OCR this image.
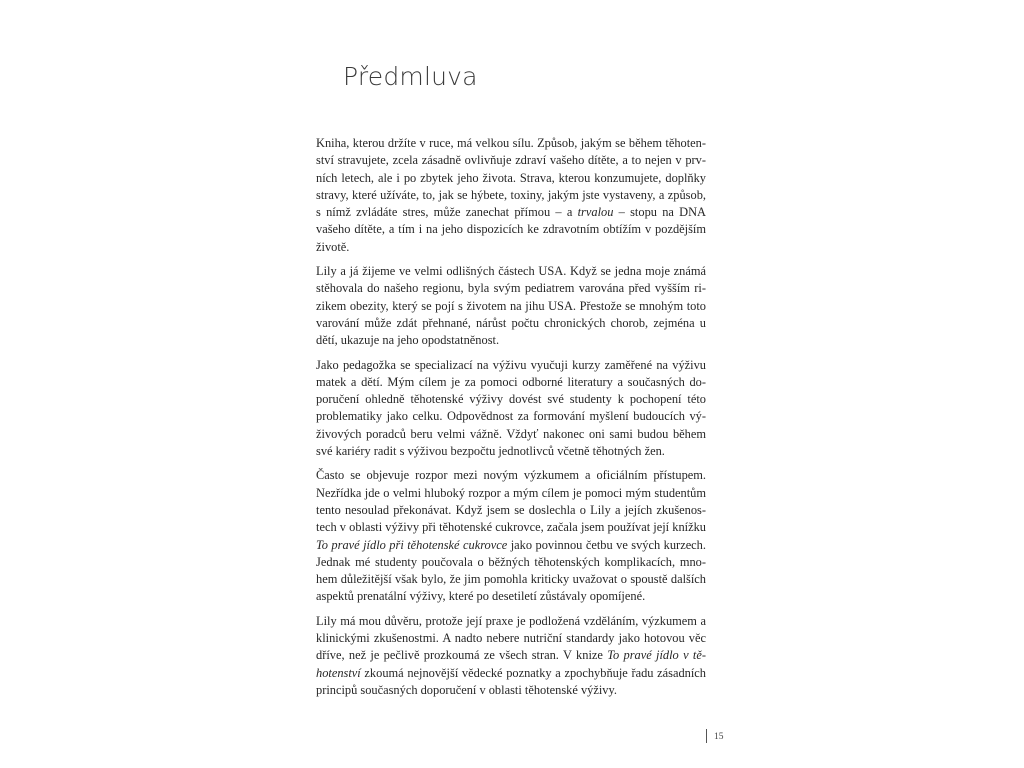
Předmluva

Kniha, kterou držíte v ruce, má velkou sílu. Způsob, jakým se během těhotenství stravujete, zcela zásadně ovlivňuje zdraví vašeho dítěte, a to nejen v prvních letech, ale i po zbytek jeho života. Strava, kterou konzumujete, doplňky stravy, které užíváte, to, jak se hýbete, toxiny, jakým jste vystaveny, a způsob, s nímž zvládáte stres, může zanechat přímou – a trvalou – stopu na DNA vašeho dítěte, a tím i na jeho dispozicích ke zdravotním obtížím v pozdějším životě.

Lily a já žijeme ve velmi odlišných částech USA. Když se jedna moje známá stěhovala do našeho regionu, byla svým pediatrem varována před vyšším rizikem obezity, který se pojí s životem na jihu USA. Přestože se mnohým toto varování může zdát přehnané, nárůst počtu chronických chorob, zejména u dětí, ukazuje na jeho opodstatněnost.

Jako pedagožka se specializací na výživu vyučuji kurzy zaměřené na výživu matek a dětí. Mým cílem je za pomoci odborné literatury a současných doporučení ohledně těhotenské výživy dovést své studenty k pochopení této problematiky jako celku. Odpovědnost za formování myšlení budoucích výživových poradců beru velmi vážně. Vždyť nakonec oni sami budou během své kariéry radit s výživou bezpočtu jednotlivců včetně těhotných žen.

Často se objevuje rozpor mezi novým výzkumem a oficiálním přístupem. Nezřídka jde o velmi hluboký rozpor a mým cílem je pomoci mým studentům tento nesoulad překonávat. Když jsem se doslechla o Lily a jejích zkušenostech v oblasti výživy při těhotenské cukrovce, začala jsem používat její knížku To pravé jídlo při těhotenské cukrovce jako povinnou četbu ve svých kurzech. Jednak mé studenty poučovala o běžných těhotenských komplikacích, mnohem důležitější však bylo, že jim pomohla kriticky uvažovat o spoustě dalších aspektů prenatální výživy, které po desetiletí zůstávaly opomíjené.

Lily má mou důvěru, protože její praxe je podložená vzděláním, výzkumem a klinickými zkušenostmi. A nadto nebere nutriční standardy jako hotovou věc dříve, než je pečlivě prozkoumá ze všech stran. V knize To pravé jídlo v těhotenství zkoumá nejnovější vědecké poznatky a zpochybňuje řadu zásadních principů současných doporučení v oblasti těhotenské výživy.

15
